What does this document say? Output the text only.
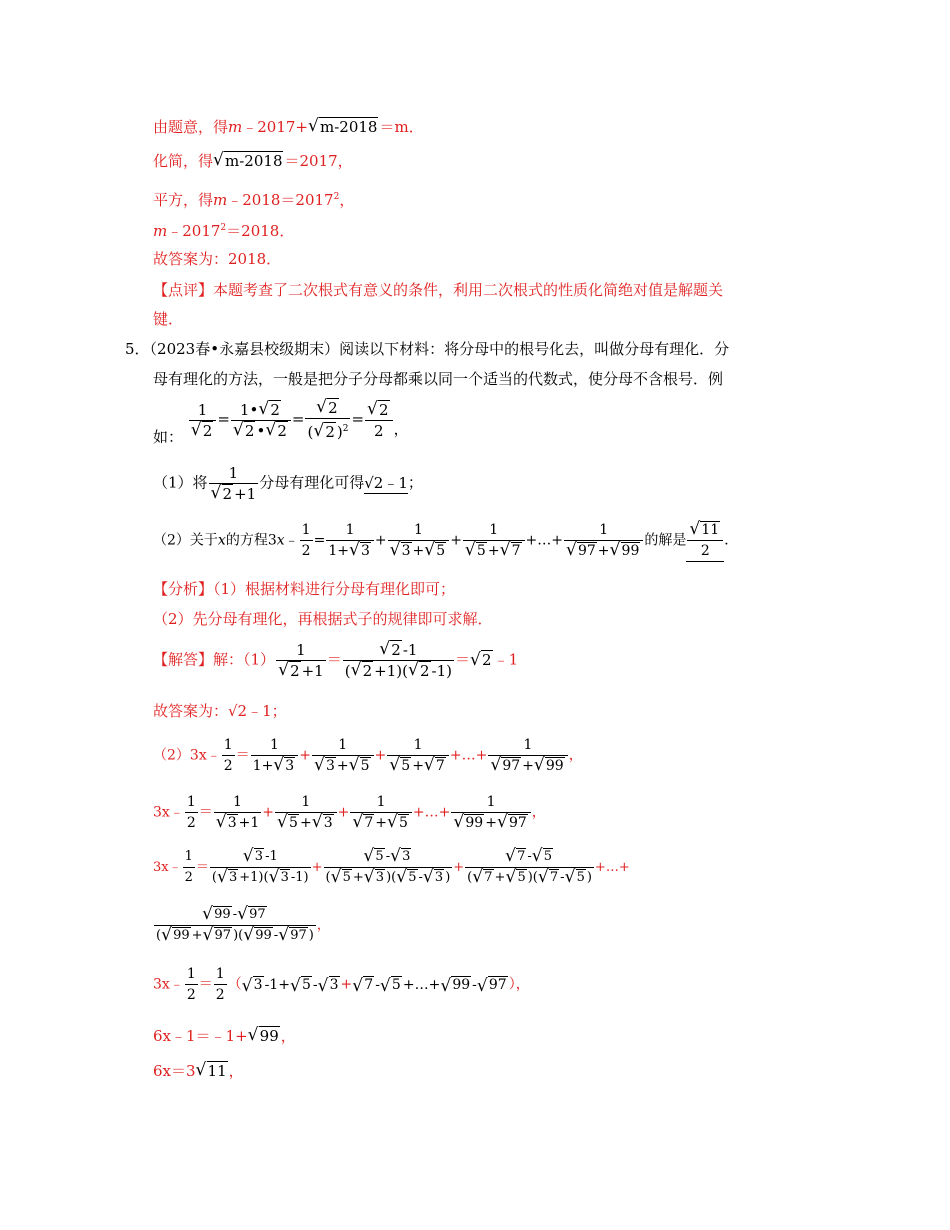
由题意，得m﹣2017+ √ m-2018 ＝m．
化简，得 √ m-2018 ＝2017，
平方，得$m﹣2018=2017^2$，
$m﹣2017^2=2018$．
故答案为：2018．
【点评】本题考查了二次根式有意义的条件，利用二次根式的性质化简绝对值是解题关
键．
5．（2023春•永嘉县校级期末）阅读以下材料：将分母中的根号化去，叫做分母有理化．分
母有理化的方法，一般是把分子分母都乘以同一个适当的代数式，使分母不含根号．例
如： 1
√ 2 = 1• √ 2
√ 2 • √ 2 = √ $\frac{2}{( √ 2 )^2}$ = √ $\frac{2}{2}$ ，
（1）将 1
√ 2 +1 分母有理化可得√2﹣1；
（2）关于x的方程3x﹣ $\frac{1}{2} = \frac{1}{1+ √ 3} + 1$
√ 3 + √ 5 + 1
√ 5 + √ 7 +…+ 1
√ 97 + √ 99 的解是 √ $\frac{11}{2}$ ．
【分析】（1）根据材料进行分母有理化即可；
（2）先分母有理化，再根据式子的规律即可求解．
【解答】解：（1） 1
√ 2 +1 ＝ √ $\frac{2 -1}{( √ 2 +1)( √ 2 -1)}$ ＝ √ 2 ﹣1
故答案为：√2﹣1；
（2）3x﹣ $\frac{1}{2} = \frac{1}{1+ √ 3} + 1$
√ 3 + √ 5 + 1
√ 5 + √ 7 +…+ 1
√ 97 + √ 99 ，
3x﹣ $\frac{1}{2} = 1$
√ 3 +1 + 1
√ 5 + √ 3 + 1
√ 7 + √ 5 +…+ 1
√ 99 + √ 97 ，
3x﹣ $\frac{1}{2}$ ＝ √ $\frac{3 -1}{( √ 3 +1)( √ 3 -1)}$ + √ $\frac{5 - √ 3}{( √ 5 + √ 3 )( √ 5 - √ 3 )}$ + √ $\frac{7 - √ 5}{( √ 7 + √ 5 )( √ 7 - √ 5 )}$ +…+
√ $\frac{99 - √ 97}{( √ 99 + √ 97 )( √ 99 - √ 97 )}$ ，
3x﹣ $\frac{1}{2} = \frac{1}{2}$ （ √ 3 -1+ √ 5 - √ 3 + √ 7 - √ 5 +…+ √ 99 - √ 97 ），
6x﹣1＝﹣1+ √ 99 ，
6x＝3 √ 11 ，
